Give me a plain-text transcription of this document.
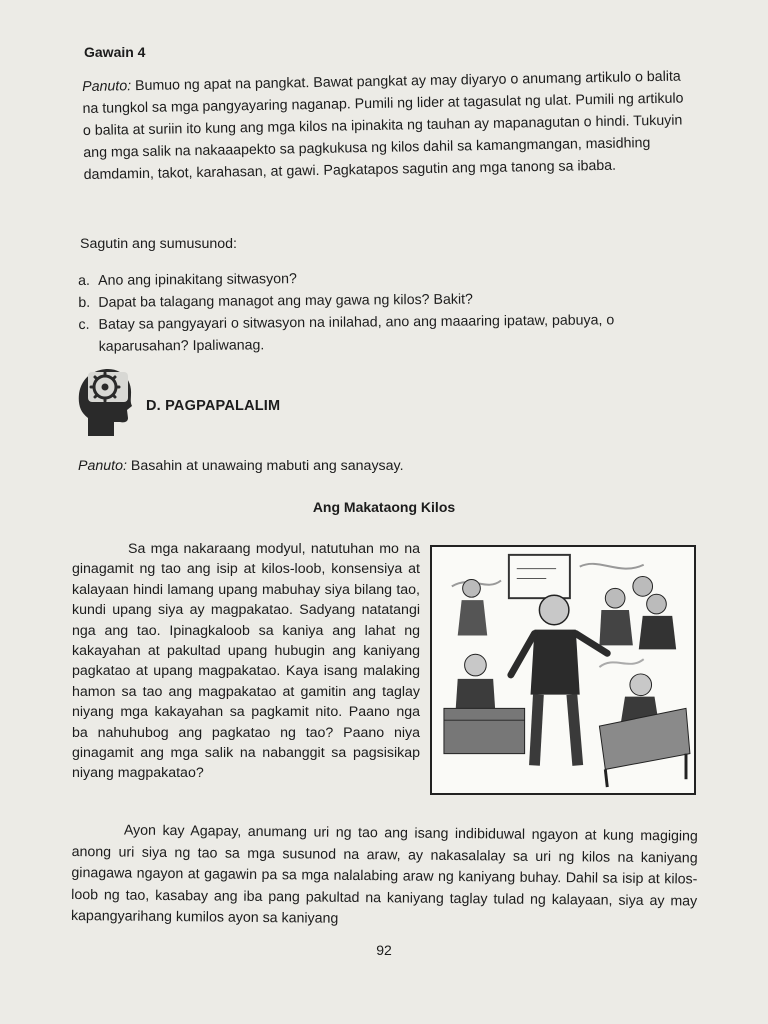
Gawain 4
Panuto: Bumuo ng apat na pangkat. Bawat pangkat ay may diyaryo o anumang artikulo o balita na tungkol sa mga pangyayaring naganap. Pumili ng lider at tagasulat ng ulat. Pumili ng artikulo o balita at suriin ito kung ang mga kilos na ipinakita ng tauhan ay mapanagutan o hindi. Tukuyin ang mga salik na nakaaapekto sa pagkukusa ng kilos dahil sa kamangmangan, masidhing damdamin, takot, karahasan, at gawi. Pagkatapos sagutin ang mga tanong sa ibaba.
Sagutin ang sumusunod:
a. Ano ang ipinakitang sitwasyon?
b. Dapat ba talagang managot ang may gawa ng kilos? Bakit?
c. Batay sa pangyayari o sitwasyon na inilahad, ano ang maaaring ipataw, pabuya, o kaparusahan? Ipaliwanag.
D. PAGPAPALALIM
Panuto: Basahin at unawaing mabuti ang sanaysay.
Ang Makataong Kilos

Sa mga nakaraang modyul, natutuhan mo na ginagamit ng tao ang isip at kilos-loob, konsensiya at kalayaan hindi lamang upang mabuhay siya bilang tao, kundi upang siya ay magpakatao. Sadyang natatangi nga ang tao. Ipinagkaloob sa kaniya ang lahat ng kakayahan at pakultad upang hubugin ang kaniyang pagkatao at upang magpakatao. Kaya isang malaking hamon sa tao ang magpakatao at gamitin ang taglay niyang mga kakayahan sa pagkamit nito. Paano nga ba nahuhubog ang pagkatao ng tao? Paano niya ginagamit ang mga salik na nabanggit sa pagsisikap niyang magpakatao?

Ayon kay Agapay, anumang uri ng tao ang isang indibiduwal ngayon at kung magiging anong uri siya ng tao sa mga susunod na araw, ay nakasalalay sa uri ng kilos na kaniyang ginagawa ngayon at gagawin pa sa mga nalalabing araw ng kaniyang buhay. Dahil sa isip at kilos-loob ng tao, kasabay ang iba pang pakultad na kaniyang taglay tulad ng kalayaan, siya ay may kapangyarihang kumilos ayon sa kaniyang

92
